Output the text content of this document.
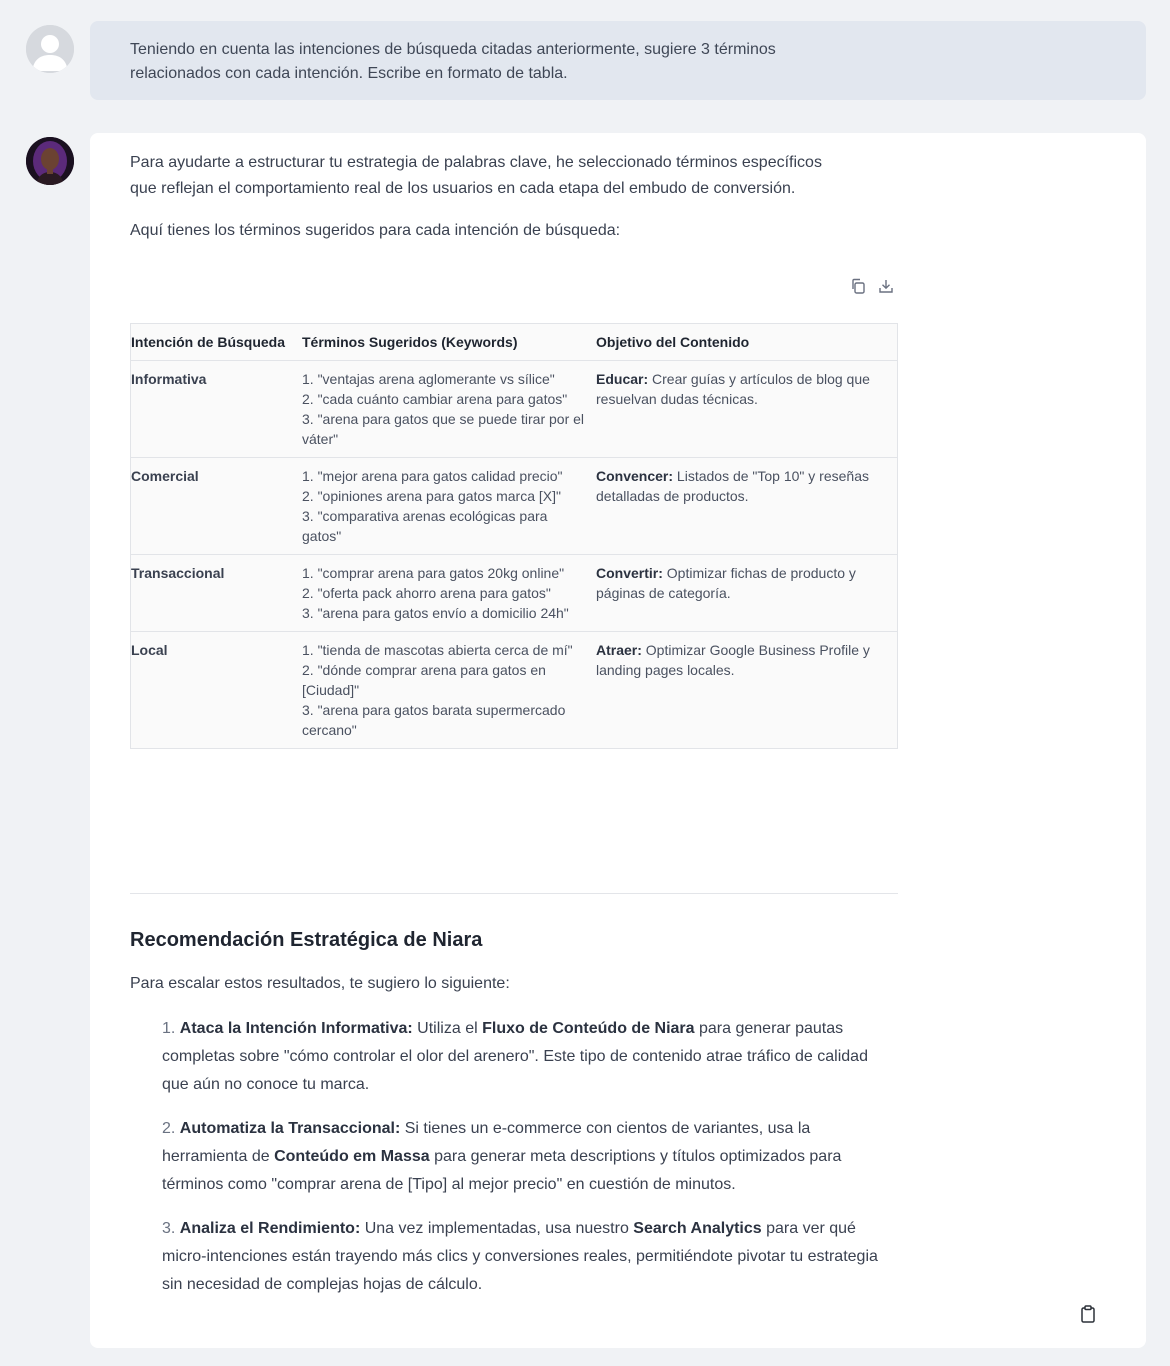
Teniendo en cuenta las intenciones de búsqueda citadas anteriormente, sugiere 3 términos
relacionados con cada intención. Escribe en formato de tabla.

Para ayudarte a estructurar tu estrategia de palabras clave, he seleccionado términos específicos
que reflejan el comportamiento real de los usuarios en cada etapa del embudo de conversión.

Aquí tienes los términos sugeridos para cada intención de búsqueda:

Intención de Búsqueda	Términos Sugeridos (Keywords)	Objetivo del Contenido
Informativa	1. "ventajas arena aglomerante vs sílice"
2. "cada cuánto cambiar arena para gatos"
3. "arena para gatos que se puede tirar por el váter"	Educar: Crear guías y artículos de blog que resuelvan dudas técnicas.
Comercial	1. "mejor arena para gatos calidad precio"
2. "opiniones arena para gatos marca [X]"
3. "comparativa arenas ecológicas para gatos"	Convencer: Listados de "Top 10" y reseñas detalladas de productos.
Transaccional	1. "comprar arena para gatos 20kg online"
2. "oferta pack ahorro arena para gatos"
3. "arena para gatos envío a domicilio 24h"	Convertir: Optimizar fichas de producto y páginas de categoría.
Local	1. "tienda de mascotas abierta cerca de mí"
2. "dónde comprar arena para gatos en [Ciudad]"
3. "arena para gatos barata supermercado cercano"	Atraer: Optimizar Google Business Profile y landing pages locales.
Recomendación Estratégica de Niara

Para escalar estos resultados, te sugiero lo siguiente:

1. Ataca la Intención Informativa: Utiliza el Fluxo de Conteúdo de Niara para generar pautas completas sobre "cómo controlar el olor del arenero". Este tipo de contenido atrae tráfico de calidad que aún no conoce tu marca.
2. Automatiza la Transaccional: Si tienes un e-commerce con cientos de variantes, usa la herramienta de Conteúdo em Massa para generar meta descriptions y títulos optimizados para términos como "comprar arena de [Tipo] al mejor precio" en cuestión de minutos.
3. Analiza el Rendimiento: Una vez implementadas, usa nuestro Search Analytics para ver qué micro-intenciones están trayendo más clics y conversiones reales, permitiéndote pivotar tu estrategia sin necesidad de complejas hojas de cálculo.
